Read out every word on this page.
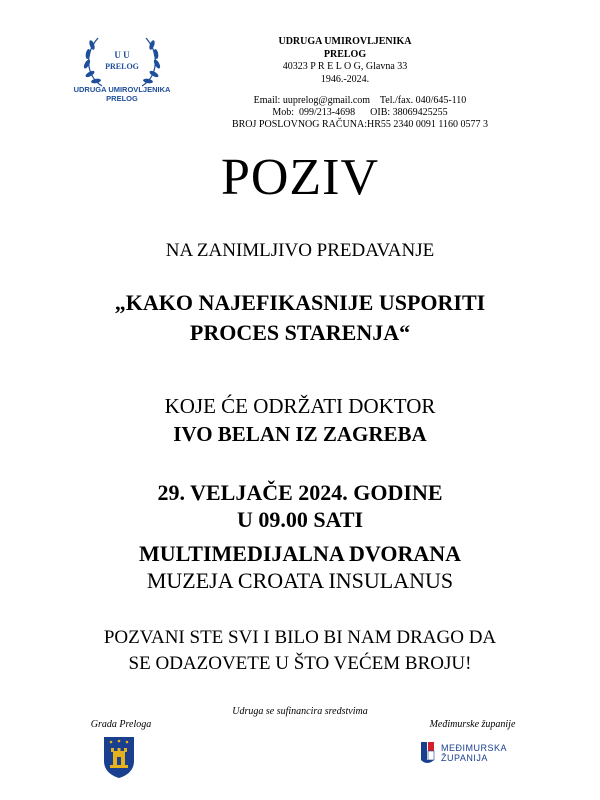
U U
PRELOG
UDRUGA UMIROVLJENIKA
PRELOG
UDRUGA UMIROVLJENIKA
PRELOG
40323 P R E L O G, Glavna 33
1946.-2024.
Email: uuprelog@gmail.com    Tel./fax. 040/645-110
Mob:  099/213-4698      OIB: 38069425255
BROJ POSLOVNOG RAČUNA:HR55 2340 0091 1160 0577 3
POZIV
NA ZANIMLJIVO PREDAVANJE
„KAKO NAJEFIKASNIJE USPORITI
PROCES STARENJA“
KOJE ĆE ODRŽATI DOKTOR
IVO BELAN IZ ZAGREBA
29. VELJAČE 2024. GODINE
U 09.00 SATI
MULTIMEDIJALNA DVORANA
MUZEJA CROATA INSULANUS
POZVANI STE SVI I BILO BI NAM DRAGO DA
SE ODAZOVETE U ŠTO VEĆEM BROJU!
Udruga se sufinancira sredstvima
Grada Preloga	Međimurske županije
MEĐIMURSKA
ŽUPANIJA
